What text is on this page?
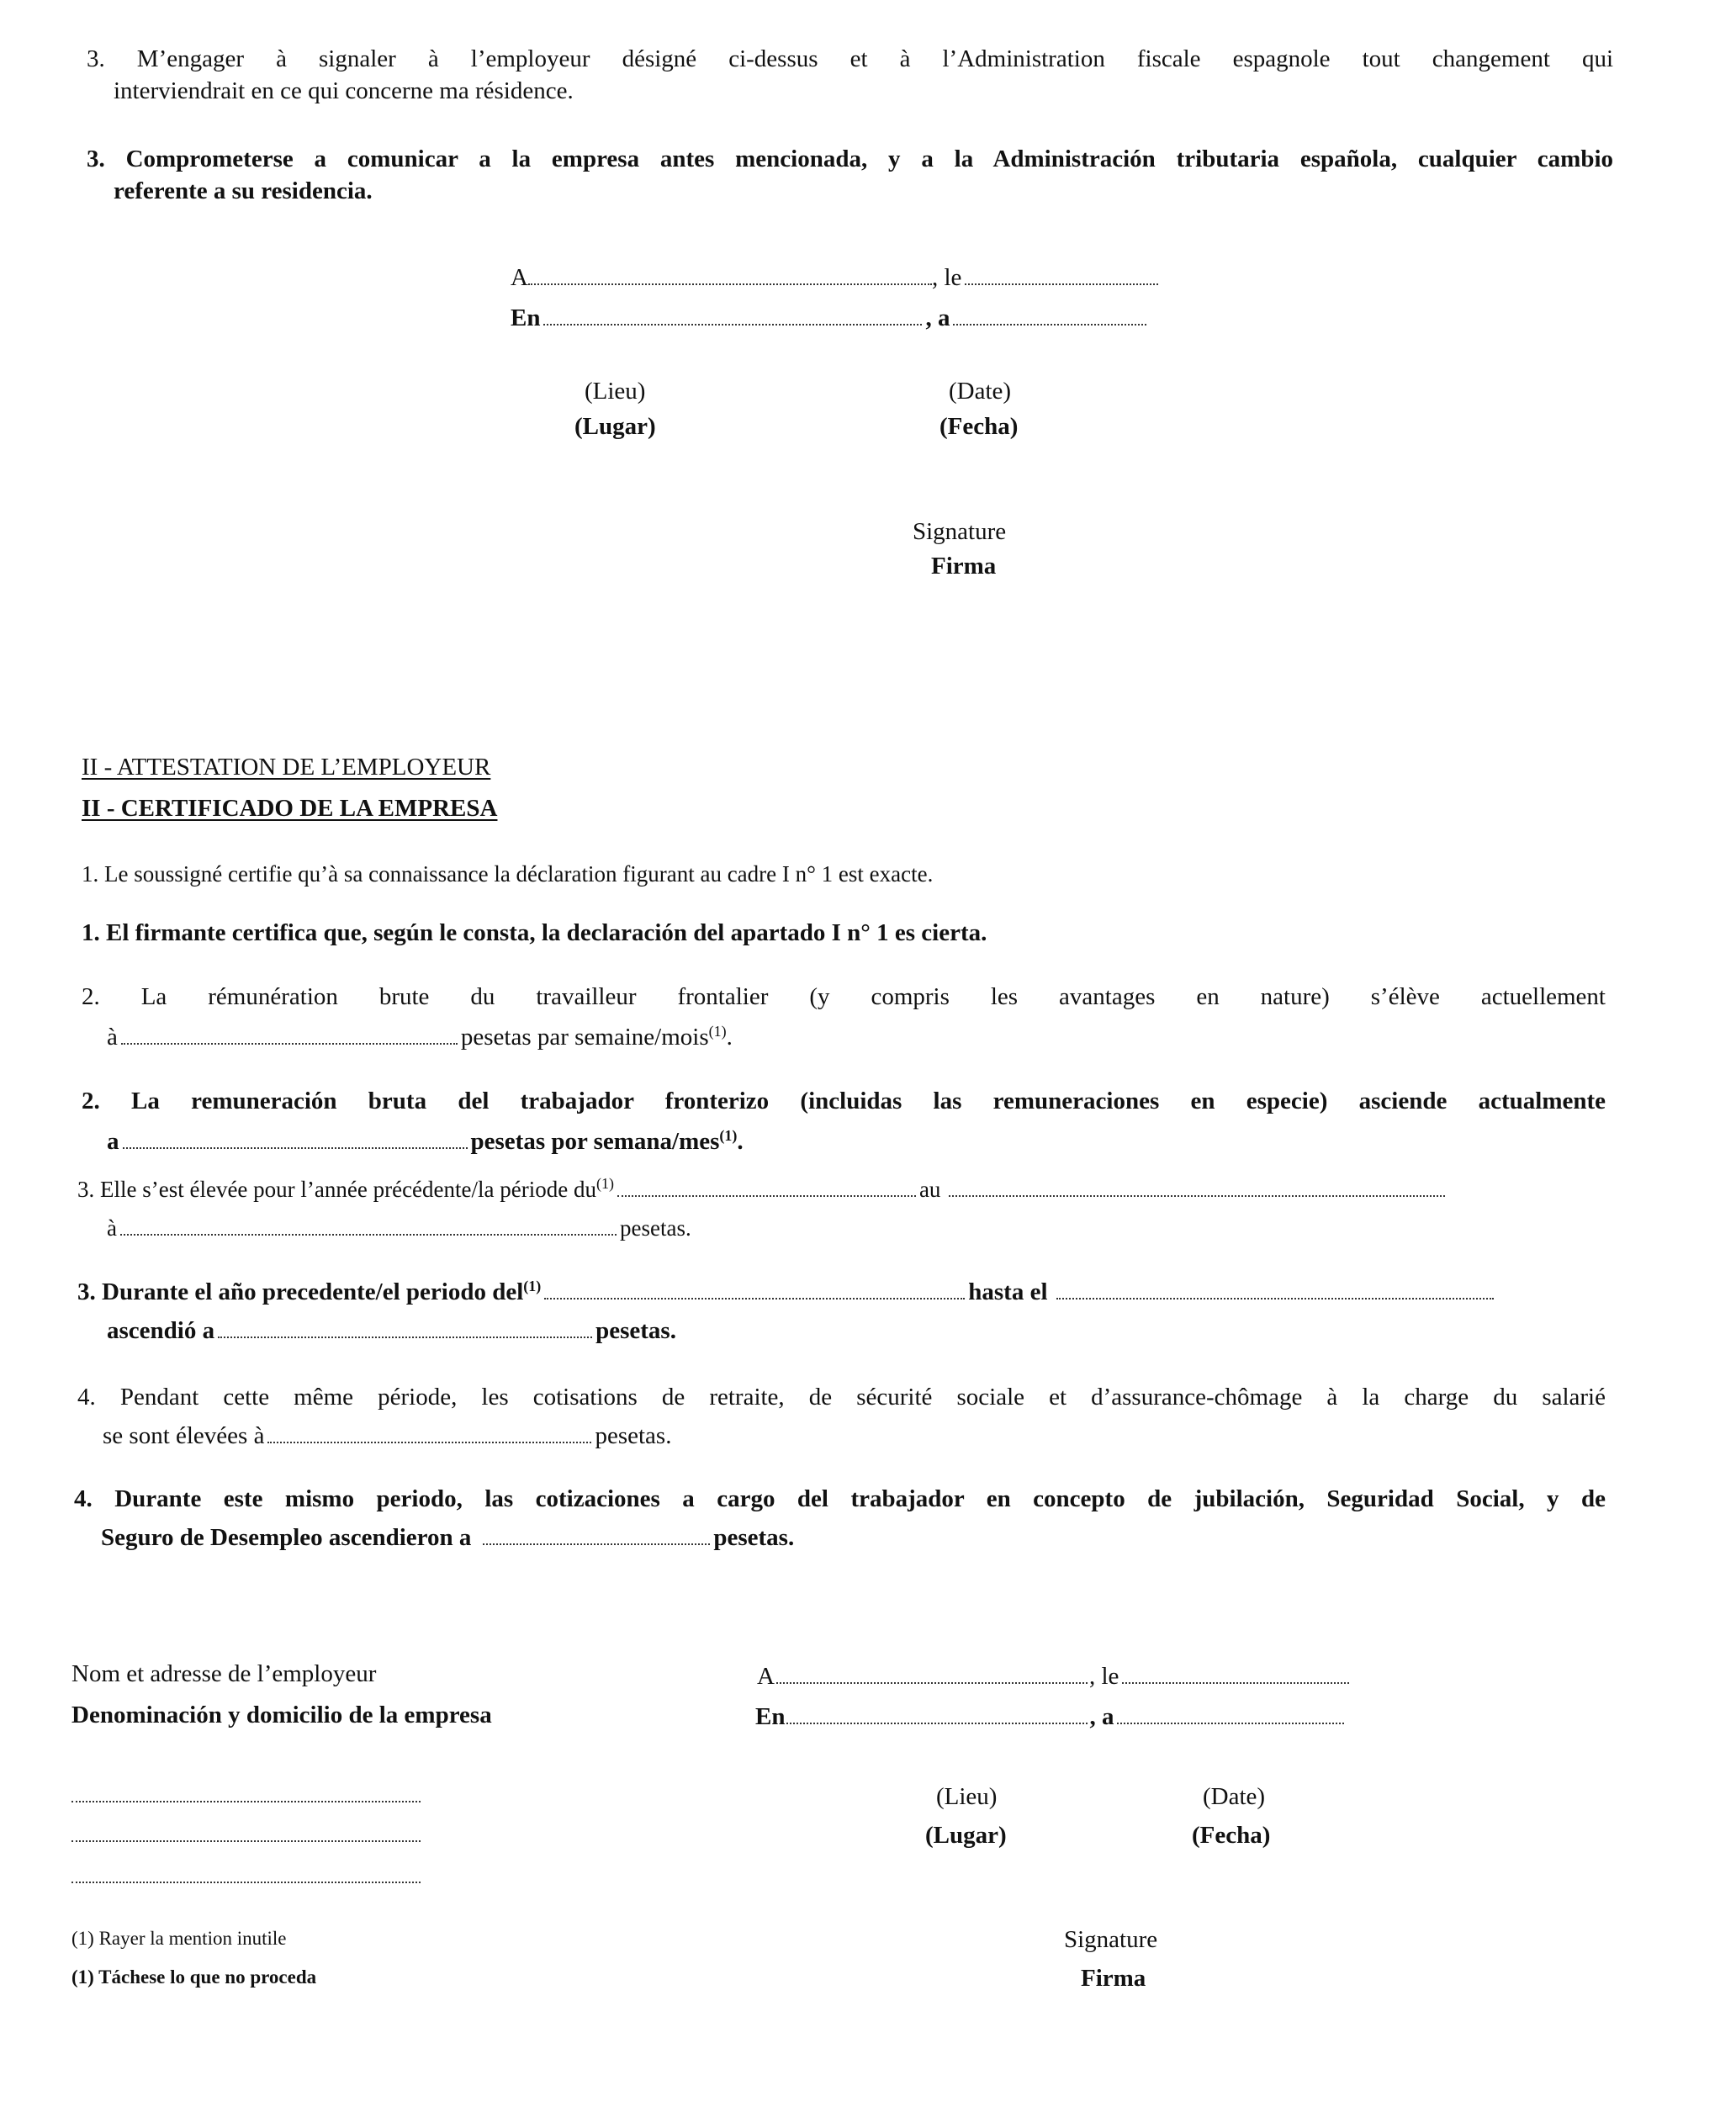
3. M’engager à signaler à l’employeur désigné ci-dessus et à l’Administration fiscale espagnole tout changement qui
interviendrait en ce qui concerne ma résidence.
3. Comprometerse a comunicar a la empresa antes mencionada, y a la Administración tributaria española, cualquier cambio
referente a su residencia.
A	, le
En	, a
(Lieu)	(Date)
(Lugar)	(Fecha)
Signature
Firma
II - ATTESTATION DE L’EMPLOYEUR
II - CERTIFICADO DE LA EMPRESA
1. Le soussigné certifie qu’à sa connaissance la déclaration figurant au cadre I n° 1 est exacte.
1. El firmante certifica que, según le consta, la declaración del apartado I n° 1 es cierta.
2. La rémunération brute du travailleur frontalier (y compris les avantages en nature) s’élève actuellement
à	pesetas par semaine/mois$^{(1)}$.
2. La remuneración bruta del trabajador fronterizo (incluidas las remuneraciones en especie) asciende actualmente
a	pesetas por semana/mes$^{(1)}$.
3. Elle s’est élevée pour l’année précédente/la période $du^{(1)}$	au
à	pesetas.
3. Durante el año precedente/el periodo del$^{(1)}$	hasta el
ascendió a	pesetas.
4. Pendant cette même période, les cotisations de retraite, de sécurité sociale et d’assurance-chômage à la charge du salarié
se sont élevées à	pesetas.
4. Durante este mismo periodo, las cotizaciones a cargo del trabajador en concepto de jubilación, Seguridad Social, y de
Seguro de Desempleo ascendieron a	pesetas.
Nom et adresse de l’employeur
Denominación y domicilio de la empresa
A	, le
En	, a
(Lieu)	(Date)
(Lugar)	(Fecha)
(1) Rayer la mention inutile
(1) Táchese lo que no proceda
Signature
Firma
